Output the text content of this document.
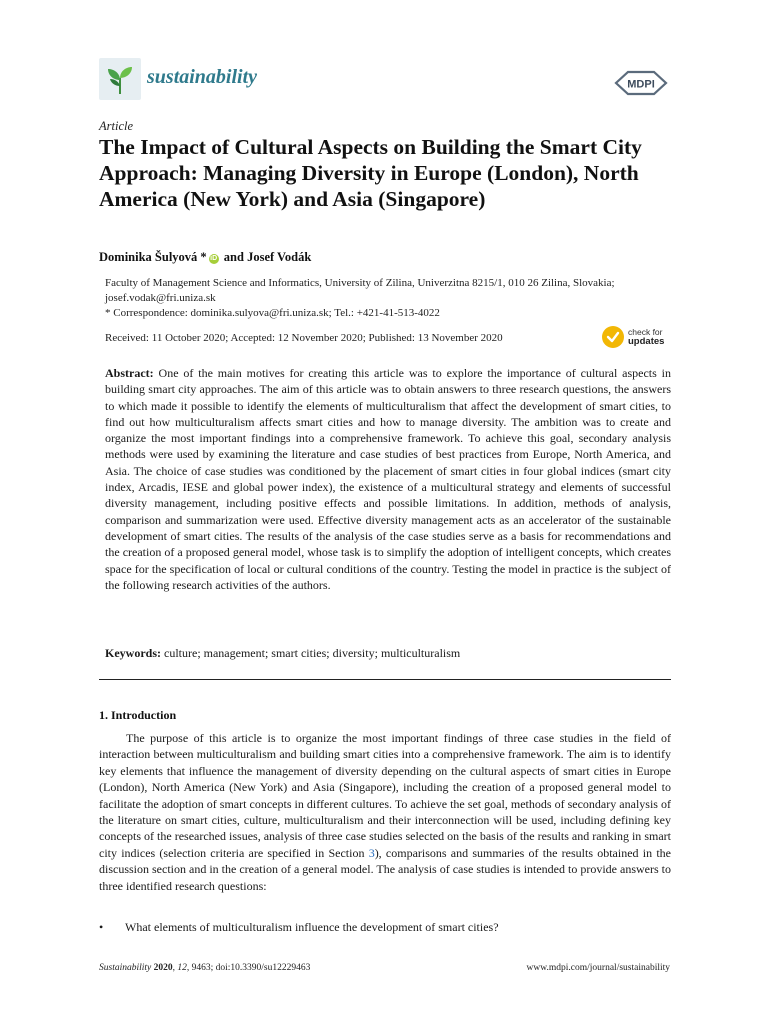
sustainability	MDPI
Article
The Impact of Cultural Aspects on Building the Smart City Approach: Managing Diversity in Europe (London), North America (New York) and Asia (Singapore)
Dominika Šulyová * iD and Josef Vodák

Faculty of Management Science and Informatics, University of Zilina, Univerzitna 8215/1, 010 26 Zilina, Slovakia; josef.vodak@fri.uniza.sk

* Correspondence: dominika.sulyova@fri.uniza.sk; Tel.: +421-41-513-4022

Received: 11 October 2020; Accepted: 12 November 2020; Published: 13 November 2020	check for
updates

Abstract: One of the main motives for creating this article was to explore the importance of cultural aspects in building smart city approaches. The aim of this article was to obtain answers to three research questions, the answers to which made it possible to identify the elements of multiculturalism that affect the development of smart cities, to find out how multiculturalism affects smart cities and how to manage diversity. The ambition was to create and organize the most important findings into a comprehensive framework. To achieve this goal, secondary analysis methods were used by examining the literature and case studies of best practices from Europe, North America, and Asia. The choice of case studies was conditioned by the placement of smart cities in four global indices (smart city index, Arcadis, IESE and global power index), the existence of a multicultural strategy and elements of successful diversity management, including positive effects and possible limitations. In addition, methods of analysis, comparison and summarization were used. Effective diversity management acts as an accelerator of the sustainable development of smart cities. The results of the analysis of the case studies serve as a basis for recommendations and the creation of a proposed general model, whose task is to simplify the adoption of intelligent concepts, which creates space for the specification of local or cultural conditions of the country. Testing the model in practice is the subject of the following research activities of the authors.

Keywords: culture; management; smart cities; diversity; multiculturalism

1. Introduction

The purpose of this article is to organize the most important findings of three case studies in the field of interaction between multiculturalism and building smart cities into a comprehensive framework. The aim is to identify key elements that influence the management of diversity depending on the cultural aspects of smart cities in Europe (London), North America (New York) and Asia (Singapore), including the creation of a proposed general model to facilitate the adoption of smart concepts in different cultures. To achieve the set goal, methods of secondary analysis of the literature on smart cities, culture, multiculturalism and their interconnection will be used, including defining key concepts of the researched issues, analysis of three case studies selected on the basis of the results and ranking in smart city indices (selection criteria are specified in Section 3), comparisons and summaries of the results obtained in the discussion section and in the creation of a general model. The analysis of case studies is intended to provide answers to three identified research questions:

• What elements of multiculturalism influence the development of smart cities?
Sustainability 2020, 12, 9463; doi:10.3390/su12229463	www.mdpi.com/journal/sustainability
